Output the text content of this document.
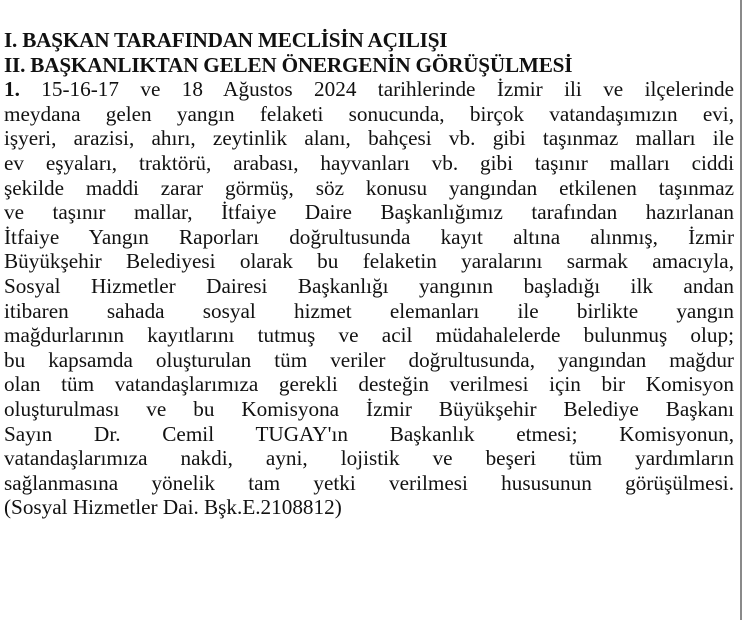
I. BAŞKAN TARAFINDAN MECLİSİN AÇILIŞI

II. BAŞKANLIKTAN GELEN ÖNERGENİN GÖRÜŞÜLMESİ

1. 15-16-17 ve 18 Ağustos 2024 tarihlerinde İzmir ili ve ilçelerinde
meydana gelen yangın felaketi sonucunda, birçok vatandaşımızın evi,
işyeri, arazisi, ahırı, zeytinlik alanı, bahçesi vb. gibi taşınmaz malları ile
ev eşyaları, traktörü, arabası, hayvanları vb. gibi taşınır malları ciddi
şekilde maddi zarar görmüş, söz konusu yangından etkilenen taşınmaz
ve taşınır mallar, İtfaiye Daire Başkanlığımız tarafından hazırlanan
İtfaiye Yangın Raporları doğrultusunda kayıt altına alınmış, İzmir
Büyükşehir Belediyesi olarak bu felaketin yaralarını sarmak amacıyla,
Sosyal Hizmetler Dairesi Başkanlığı yangının başladığı ilk andan
itibaren sahada sosyal hizmet elemanları ile birlikte yangın
mağdurlarının kayıtlarını tutmuş ve acil müdahalelerde bulunmuş olup;
bu kapsamda oluşturulan tüm veriler doğrultusunda, yangından mağdur
olan tüm vatandaşlarımıza gerekli desteğin verilmesi için bir Komisyon
oluşturulması ve bu Komisyona İzmir Büyükşehir Belediye Başkanı
Sayın Dr. Cemil TUGAY'ın Başkanlık etmesi; Komisyonun,
vatandaşlarımıza nakdi, ayni, lojistik ve beşeri tüm yardımların
sağlanmasına yönelik tam yetki verilmesi hususunun görüşülmesi.
(Sosyal Hizmetler Dai. Bşk.E.2108812)
